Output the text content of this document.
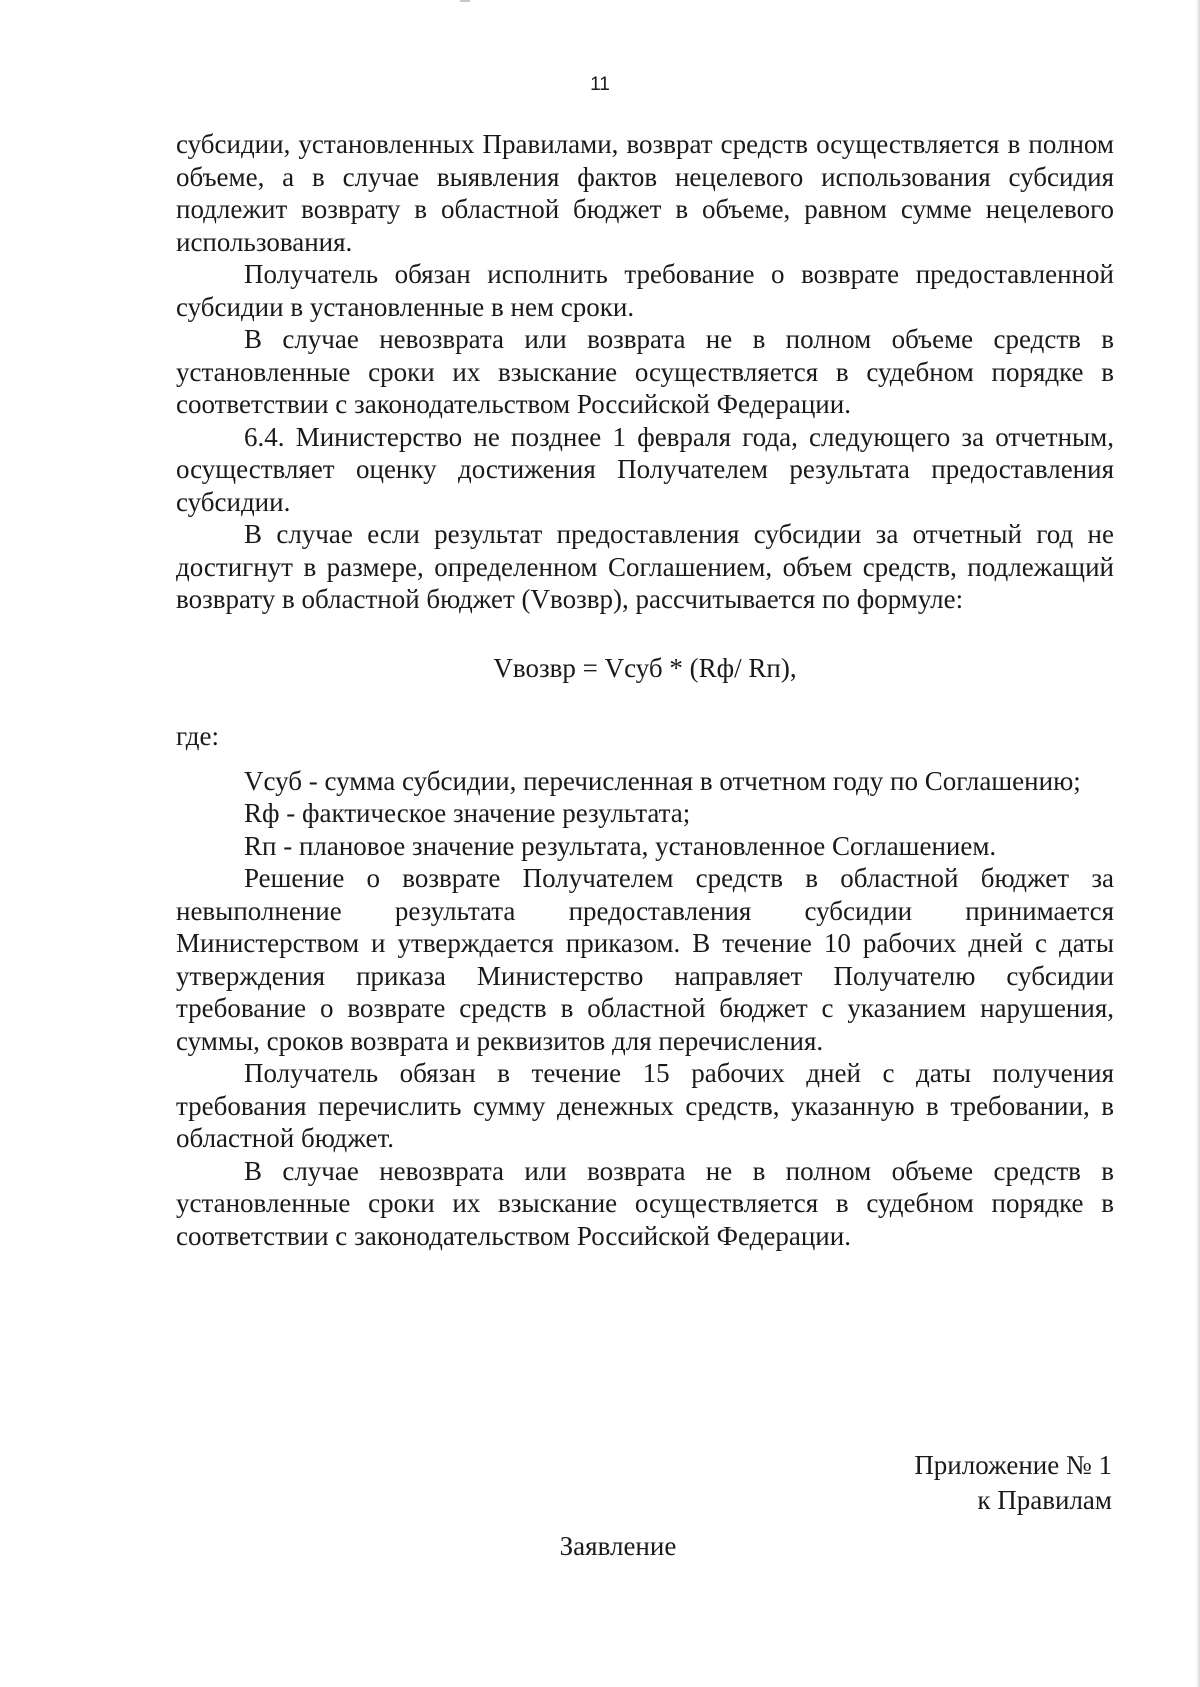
11

субсидии, установленных Правилами, возврат средств осуществляется в полном объеме, а в случае выявления фактов нецелевого использования субсидия подлежит возврату в областной бюджет в объеме, равном сумме нецелевого использования.

Получатель обязан исполнить требование о возврате предоставленной субсидии в установленные в нем сроки.

В случае невозврата или возврата не в полном объеме средств в установленные сроки их взыскание осуществляется в судебном порядке в соответствии с законодательством Российской Федерации.

6.4. Министерство не позднее 1 февраля года, следующего за отчетным, осуществляет оценку достижения Получателем результата предоставления субсидии.

В случае если результат предоставления субсидии за отчетный год не достигнут в размере, определенном Соглашением, объем средств, подлежащий возврату в областной бюджет (Vвозвр), рассчитывается по формуле:

Vвозвр = Vсуб * (Rф/ Rп),

где:

Vсуб - сумма субсидии, перечисленная в отчетном году по Соглашению;

Rф - фактическое значение результата;

Rп - плановое значение результата, установленное Соглашением.

Решение о возврате Получателем средств в областной бюджет за невыполнение результата предоставления субсидии принимается Министерством и утверждается приказом. В течение 10 рабочих дней с даты утверждения приказа Министерство направляет Получателю субсидии требование о возврате средств в областной бюджет с указанием нарушения, суммы, сроков возврата и реквизитов для перечисления.

Получатель обязан в течение 15 рабочих дней с даты получения требования перечислить сумму денежных средств, указанную в требовании, в областной бюджет.

В случае невозврата или возврата не в полном объеме средств в установленные сроки их взыскание осуществляется в судебном порядке в соответствии с законодательством Российской Федерации.

Приложение № 1
к Правилам
Заявление
